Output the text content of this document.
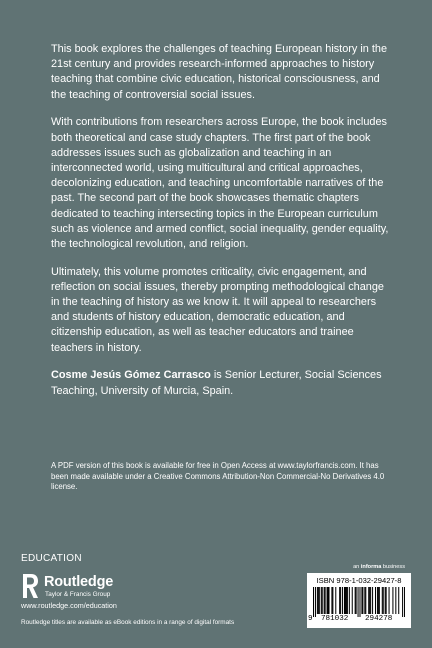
This book explores the challenges of teaching European history in the 21st century and provides research-informed approaches to history teaching that combine civic education, historical consciousness, and the teaching of controversial social issues.

With contributions from researchers across Europe, the book includes both theoretical and case study chapters. The first part of the book addresses issues such as globalization and teaching in an interconnected world, using multicultural and critical approaches, decolonizing education, and teaching uncomfortable narratives of the past. The second part of the book showcases thematic chapters dedicated to teaching intersecting topics in the European curriculum such as violence and armed conflict, social inequality, gender equality, the technological revolution, and religion.

Ultimately, this volume promotes criticality, civic engagement, and reflection on social issues, thereby prompting methodological change in the teaching of history as we know it. It will appeal to researchers and students of history education, democratic education, and citizenship education, as well as teacher educators and trainee teachers in history.

Cosme Jesús Gómez Carrasco is Senior Lecturer, Social Sciences Teaching, University of Murcia, Spain.

A PDF version of this book is available for free in Open Access at www.taylorfrancis.com. It has been made available under a Creative Commons Attribution-Non Commercial-No Derivatives 4.0 license.
EDUCATION
Routledge
Taylor & Francis Group
www.routledge.com/education
Routledge titles are available as eBook editions in a range of digital formats
an informa business
ISBN 978-1-032-29427-8
9 781032 294278
